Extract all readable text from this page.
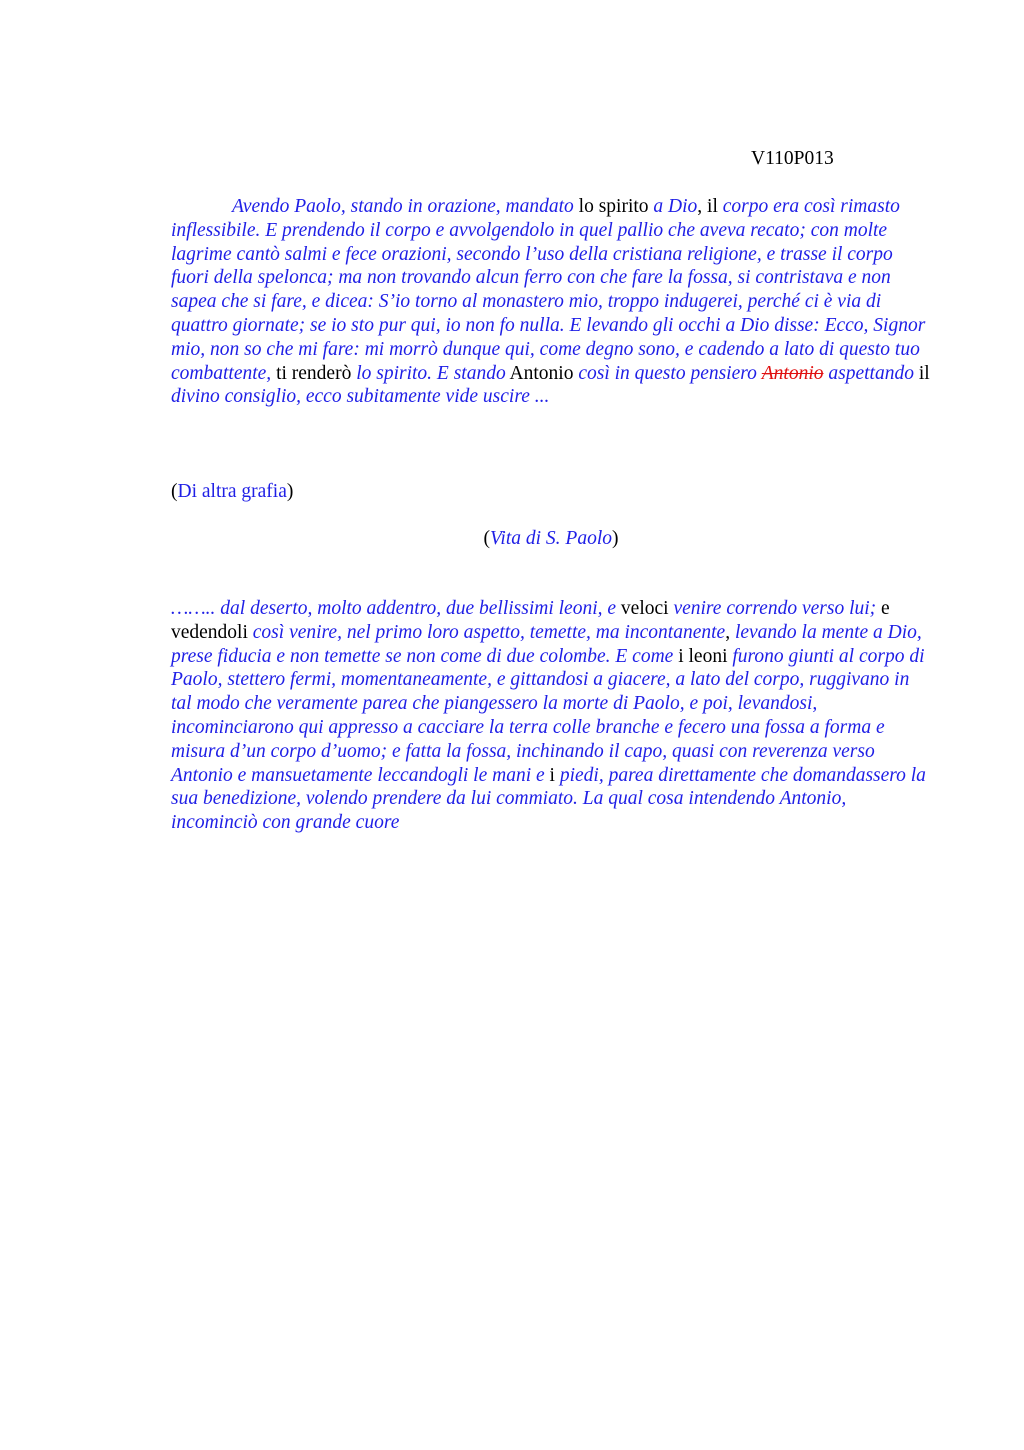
V110P013

Avendo Paolo, stando in orazione, mandato lo spirito a Dio, il corpo era così rimasto inflessibile. E prendendo il corpo e avvolgendolo in quel pallio che aveva recato; con molte lagrime cantò salmi e fece orazioni, secondo l’uso della cristiana religione, e trasse il corpo fuori della spelonca; ma non trovando alcun ferro con che fare la fossa, si contristava e non sapea che si fare, e dicea: S’io torno al monastero mio, troppo indugerei, perché ci è via di quattro giornate; se io sto pur qui, io non fo nulla. E levando gli occhi a Dio disse: Ecco, Signor mio, non so che mi fare: mi morrò dunque qui, come degno sono, e cadendo a lato di questo tuo combattente, ti renderò lo spirito. E stando Antonio così in questo pensiero Antonio aspettando il divino consiglio, ecco subitamente vide uscire ...

(Di altra grafia)

(Vita di S. Paolo)

…….. dal deserto, molto addentro, due bellissimi leoni, e veloci venire correndo verso lui; e vedendoli così venire, nel primo loro aspetto, temette, ma incontanente, levando la mente a Dio, prese fiducia e non temette se non come di due colombe. E come i leoni furono giunti al corpo di Paolo, stettero fermi, momentaneamente, e gittandosi a giacere, a lato del corpo, ruggivano in tal modo che veramente parea che piangessero la morte di Paolo, e poi, levandosi, incominciarono qui appresso a cacciare la terra colle branche e fecero una fossa a forma e misura d’un corpo d’uomo; e fatta la fossa, inchinando il capo, quasi con reverenza verso Antonio e mansuetamente leccandogli le mani e i piedi, parea direttamente che domandassero la sua benedizione, volendo prendere da lui commiato. La qual cosa intendendo Antonio, incominciò con grande cuore
